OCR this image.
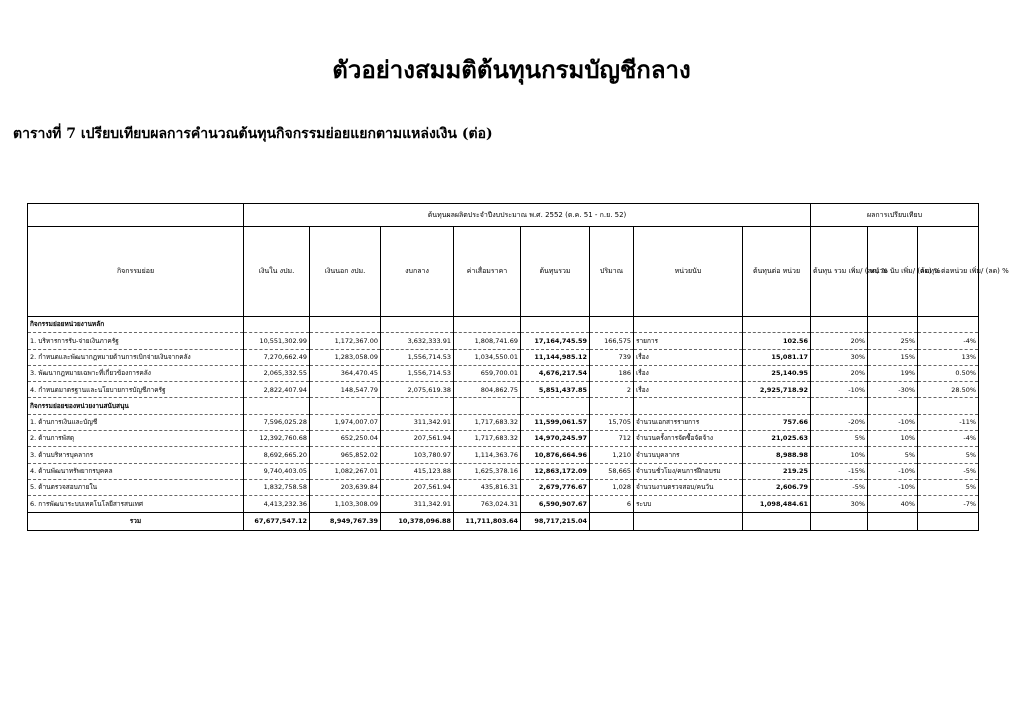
ตัวอย่างสมมติต้นทุนกรมบัญชีกลาง
ตารางที่ 7 เปรียบเทียบผลการคำนวณต้นทุนกิจกรรมย่อยแยกตามแหล่งเงิน (ต่อ)
	ต้นทุนผลผลิตประจำปีงบประมาณ พ.ศ. 2552 (ต.ค. 51 - ก.ย. 52)								ผลการเปรียบเทียบ		
กิจกรรมย่อย	เงินใน งปม.	เงินนอก งปม.	งบกลาง	ค่าเสื่อมราคา	ต้นทุนรวม	ปริมาณ	หน่วยนับ	ต้นทุนต่อ หน่วย	ต้นทุน รวม เพิ่ม/ (ลด) %	หน่วย นับ เพิ่ม/ (ลด) %	ต้นทุน ต่อหน่วย เพิ่ม/ (ลด) %
กิจกรรมย่อยหน่วยงานหลัก											
1. บริหารการรับ-จ่ายเงินภาครัฐ	10,551,302.99	1,172,367.00	3,632,333.91	1,808,741.69	17,164,745.59	166,575	รายการ	102.56	20%	25%	-4%
2. กำหนดและพัฒนากฎหมายด้านการเบิกจ่ายเงินจากคลัง	7,270,662.49	1,283,058.09	1,556,714.53	1,034,550.01	11,144,985.12	739	เรื่อง	15,081.17	30%	15%	13%
3. พัฒนากฎหมายเฉพาะที่เกี่ยวข้องการคลัง	2,065,332.55	364,470.45	1,556,714.53	659,700.01	4,676,217.54	186	เรื่อง	25,140.95	20%	19%	0.50%
4. กำหนดมาตรฐานและนโยบายการบัญชีภาครัฐ	2,822,407.94	148,547.79	2,075,619.38	804,862.75	5,851,437.85	2	เรื่อง	2,925,718.92	-10%	-30%	28.50%
กิจกรรมย่อยของหน่วยงานสนับสนุน											
1. ด้านการเงินและบัญชี	7,596,025.28	1,974,007.07	311,342.91	1,717,683.32	11,599,061.57	15,705	จำนวนเอกสารรายการ	757.66	-20%	-10%	-11%
2. ด้านการพัสดุ	12,392,760.68	652,250.04	207,561.94	1,717,683.32	14,970,245.97	712	จำนวนครั้งการจัดซื้อจัดจ้าง	21,025.63	5%	10%	-4%
3. ด้านบริหารบุคลากร	8,692,665.20	965,852.02	103,780.97	1,114,363.76	10,876,664.96	1,210	จำนวนบุคลากร	8,988.98	10%	5%	5%
4. ด้านพัฒนาทรัพยากรบุคคล	9,740,403.05	1,082,267.01	415,123.88	1,625,378.16	12,863,172.09	58,665	จำนวนชั่วโมง/คนการฝึกอบรม	219.25	-15%	-10%	-5%
5. ด้านตรวจสอบภายใน	1,832,758.58	203,639.84	207,561.94	435,816.31	2,679,776.67	1,028	จำนวนงานตรวจสอบ/คนวัน	2,606.79	-5%	-10%	5%
6. การพัฒนาระบบเทคโนโลยีสารสนเทศ	4,413,232.36	1,103,308.09	311,342.91	763,024.31	6,590,907.67	6	ระบบ	1,098,484.61	30%	40%	-7%
รวม	67,677,547.12	8,949,767.39	10,378,096.88	11,711,803.64	98,717,215.04						
